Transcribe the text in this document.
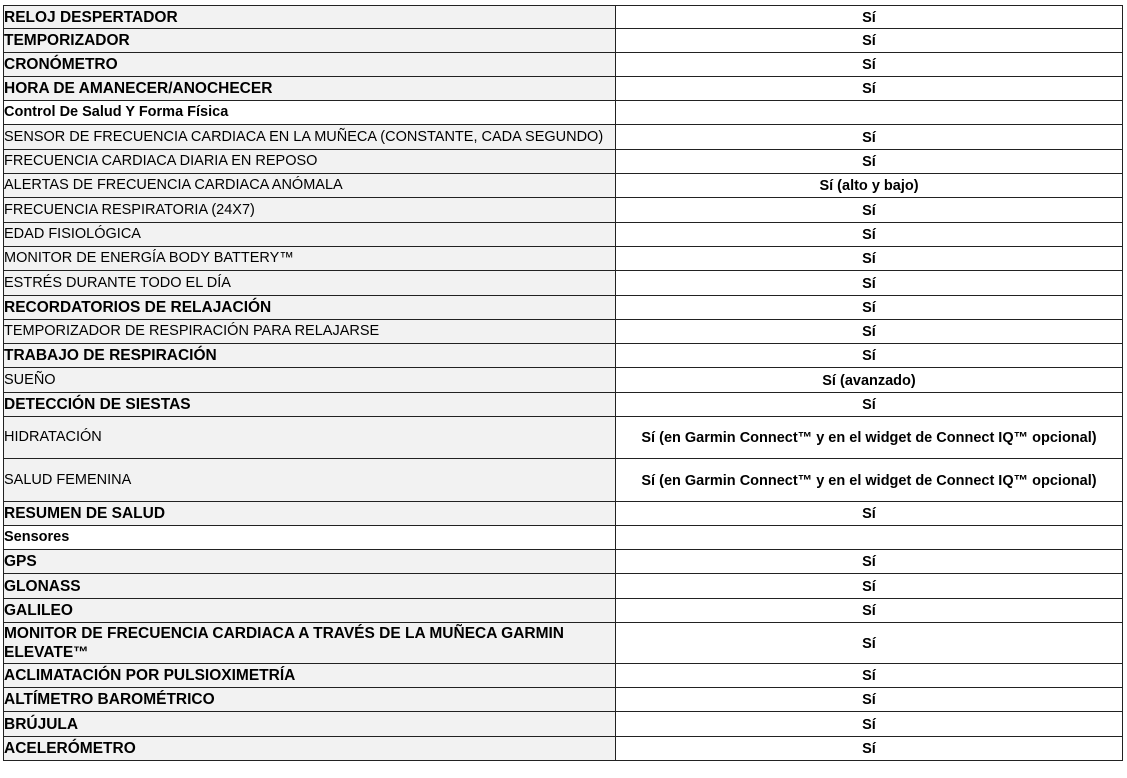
RELOJ DESPERTADOR	Sí
TEMPORIZADOR	Sí
CRONÓMETRO	Sí
HORA DE AMANECER/ANOCHECER	Sí
Control De Salud Y Forma Física	
SENSOR DE FRECUENCIA CARDIACA EN LA MUÑECA (CONSTANTE, CADA SEGUNDO)	Sí
FRECUENCIA CARDIACA DIARIA EN REPOSO	Sí
ALERTAS DE FRECUENCIA CARDIACA ANÓMALA	Sí (alto y bajo)
FRECUENCIA RESPIRATORIA (24X7)	Sí
EDAD FISIOLÓGICA	Sí
MONITOR DE ENERGÍA BODY BATTERY™	Sí
ESTRÉS DURANTE TODO EL DÍA	Sí
RECORDATORIOS DE RELAJACIÓN	Sí
TEMPORIZADOR DE RESPIRACIÓN PARA RELAJARSE	Sí
TRABAJO DE RESPIRACIÓN	Sí
SUEÑO	Sí (avanzado)
DETECCIÓN DE SIESTAS	Sí
HIDRATACIÓN	Sí (en Garmin Connect™ y en el widget de Connect IQ™ opcional)
SALUD FEMENINA	Sí (en Garmin Connect™ y en el widget de Connect IQ™ opcional)
RESUMEN DE SALUD	Sí
Sensores	
GPS	Sí
GLONASS	Sí
GALILEO	Sí
MONITOR DE FRECUENCIA CARDIACA A TRAVÉS DE LA MUÑECA GARMIN ELEVATE™	Sí
ACLIMATACIÓN POR PULSIOXIMETRÍA	Sí
ALTÍMETRO BAROMÉTRICO	Sí
BRÚJULA	Sí
ACELERÓMETRO	Sí
